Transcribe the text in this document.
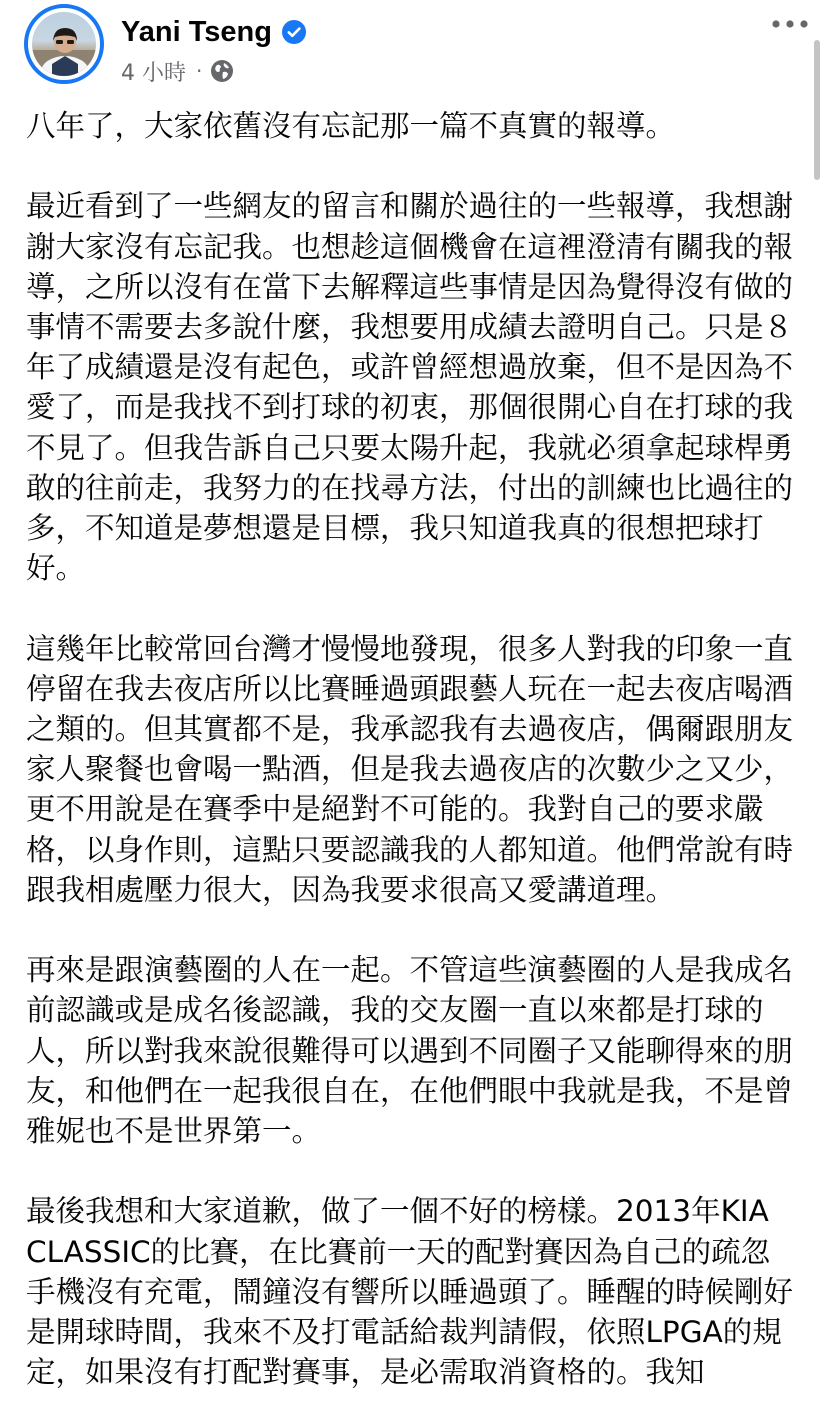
Yani Tseng
4 小時 ·

八年了，大家依舊沒有忘記那一篇不真實的報導。

最近看到了一些網友的留言和關於過往的一些報導，我想謝謝大家沒有忘記我。也想趁這個機會在這裡澄清有關我的報導，之所以沒有在當下去解釋這些事情是因為覺得沒有做的事情不需要去多說什麼，我想要用成績去證明自己。只是８年了成績還是沒有起色，或許曾經想過放棄，但不是因為不愛了，而是我找不到打球的初衷，那個很開心自在打球的我不見了。但我告訴自己只要太陽升起，我就必須拿起球桿勇敢的往前走，我努力的在找尋方法，付出的訓練也比過往的多，不知道是夢想還是目標，我只知道我真的很想把球打好。

這幾年比較常回台灣才慢慢地發現，很多人對我的印象一直停留在我去夜店所以比賽睡過頭跟藝人玩在一起去夜店喝酒之類的。但其實都不是，我承認我有去過夜店，偶爾跟朋友家人聚餐也會喝一點酒，但是我去過夜店的次數少之又少，更不用說是在賽季中是絕對不可能的。我對自己的要求嚴格，以身作則，這點只要認識我的人都知道。他們常說有時跟我相處壓力很大，因為我要求很高又愛講道理。

再來是跟演藝圈的人在一起。不管這些演藝圈的人是我成名前認識或是成名後認識，我的交友圈一直以來都是打球的人，所以對我來說很難得可以遇到不同圈子又能聊得來的朋友，和他們在一起我很自在，在他們眼中我就是我，不是曾雅妮也不是世界第一。

最後我想和大家道歉，做了一個不好的榜樣。2013年KIA CLASSIC的比賽，在比賽前一天的配對賽因為自己的疏忽手機沒有充電，鬧鐘沒有響所以睡過頭了。睡醒的時候剛好是開球時間，我來不及打電話給裁判請假，依照LPGA的規定，如果沒有打配對賽事，是必需取消資格的。我知
